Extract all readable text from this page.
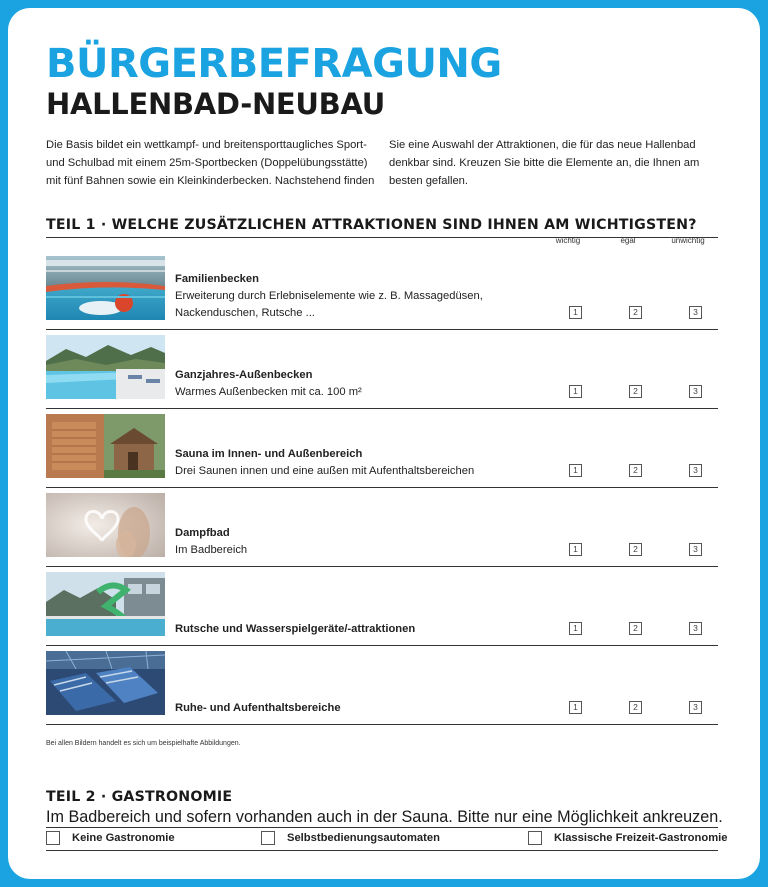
BÜRGERBEFRAGUNG
HALLENBAD-NEUBAU

Die Basis bildet ein wettkampf- und breitensporttaugliches Sport- und Schulbad mit einem 25m-Sportbecken (Doppelübungsstätte) mit fünf Bahnen sowie ein Kleinkinderbecken. Nachstehend finden Sie eine Auswahl der Attraktionen, die für das neue Hallenbad denkbar sind. Kreuzen Sie bitte die Elemente an, die Ihnen am besten gefallen.

TEIL 1 · WELCHE ZUSÄTZLICHEN ATTRAKTIONEN SIND IHNEN AM WICHTIGSTEN?
wichtig	egal	unwichtig
Familienbecken
Erweiterung durch Erlebniselemente wie z. B. Massagedüsen,
Nackenduschen, Rutsche ...	1	2	3
Ganzjahres-Außenbecken
Warmes Außenbecken mit ca. 100 m²	1	2	3
Sauna im Innen- und Außenbereich
Drei Saunen innen und eine außen mit Aufenthaltsbereichen	1	2	3
Dampfbad
Im Badbereich	1	2	3
Rutsche und Wasserspielgeräte/-attraktionen	1	2	3
Ruhe- und Aufenthaltsbereiche	1	2	3
Bei allen Bildern handelt es sich um beispielhafte Abbildungen.
TEIL 2 · GASTRONOMIE

Im Badbereich und sofern vorhanden auch in der Sauna. Bitte nur eine Möglichkeit ankreuzen.

Keine Gastronomie	Selbstbedienungsautomaten	Klassische Freizeit-Gastronomie
